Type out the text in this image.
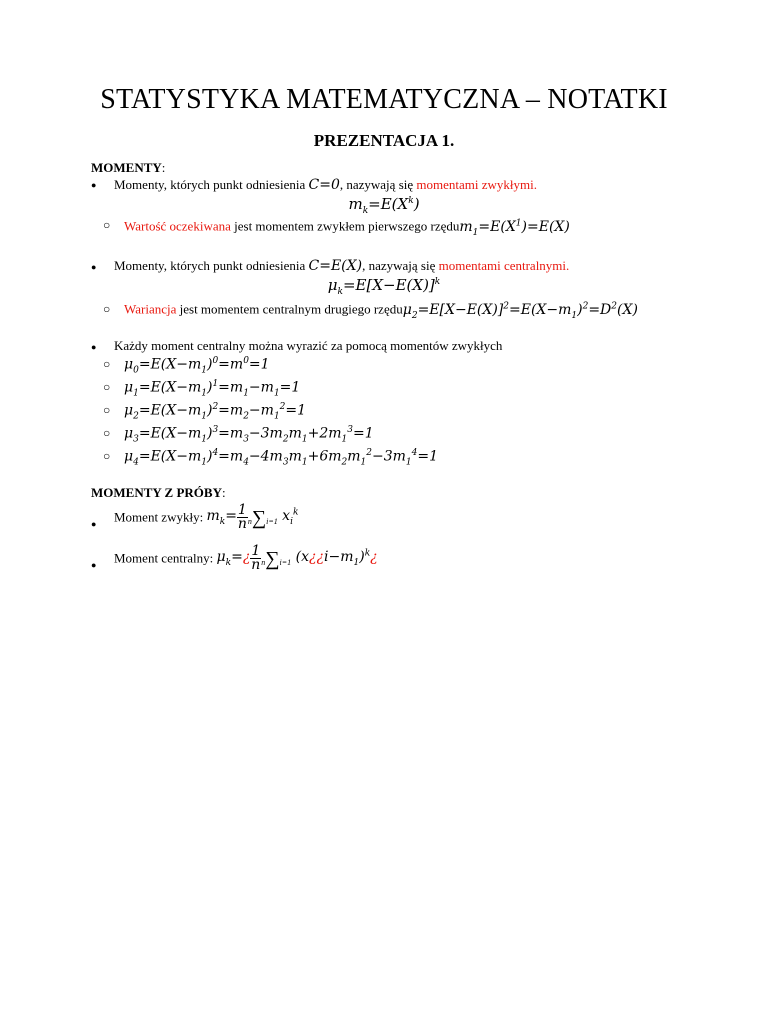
STATYSTYKA MATEMATYCZNA – NOTATKI
PREZENTACJA 1.
MOMENTY:
● Momenty, których punkt odniesienia C=0, nazywają się momentami zwykłymi.
$m_k=E(X^k)$
○ Wartość oczekiwana jest momentem zwykłem pierwszego $rzędum_1=E(X^1)=E(X)$
● Momenty, których punkt odniesienia C=E(X), nazywają się momentami centralnymi.
$\mu_k=E[X-E(X)]^k$
○ Wariancja jest momentem centralnym drugiego $rzędu\mu_2=E[X-E(X)]^2=E(X-m_1)^2=D^2(X)$
● Każdy moment centralny można wyrazić za pomocą momentów zwykłych
○ $\mu_0=E(X-m_1)^0=m^0=1$
○ $\mu_1=E(X-m_1)^1=m_1-m_1=1$
○ $\mu_2=E(X-m_1)^2=m_2-m_1^2=1$
○ $\mu_3=E(X-m_1)^3=m_3-3m_2m_1+2m_1^3=1$
○ $\mu_4=E(X-m_1)^4=m_4-4m_3m_1+6m_2m_1^2-3m_1^4=1$
MOMENTY Z PRÓBY:
● Moment zwykły: $m_k= \frac{1}{n} n\sum i=1$ $x_i^k$
● Moment centralny: $\mu_k=¿ \frac{1}{n} n\sum i=1$ $(x¿¿i-m_1)^k¿$
